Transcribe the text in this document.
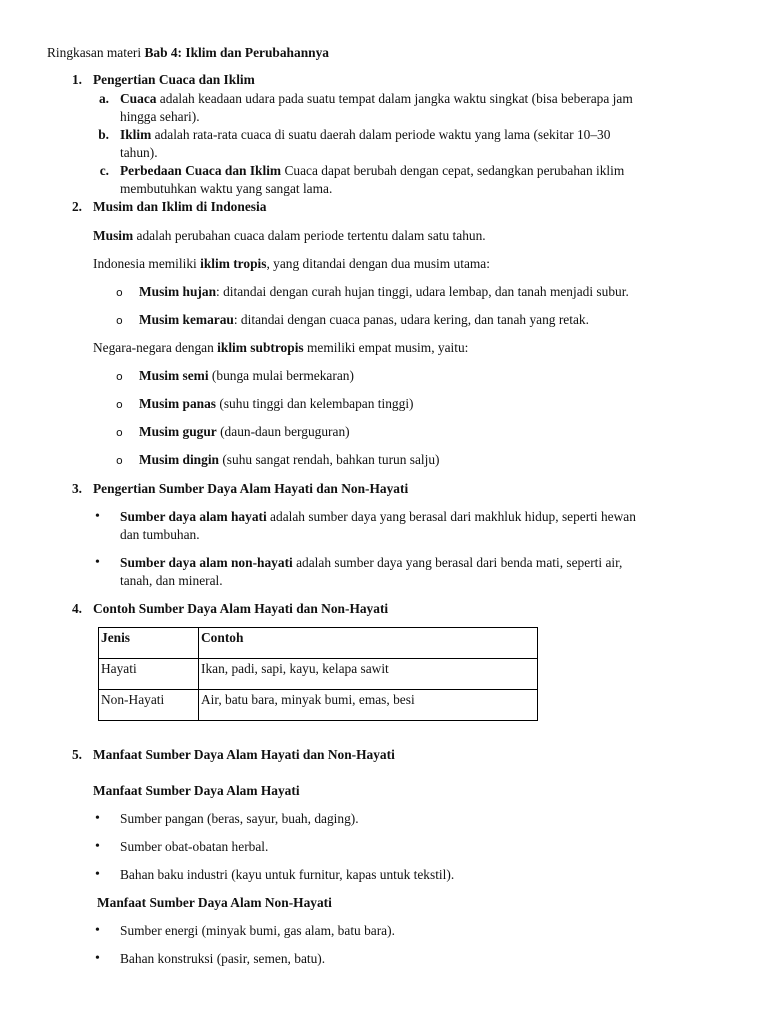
Ringkasan materi Bab 4: Iklim dan Perubahannya
1. Pengertian Cuaca dan Iklim
a. Cuaca adalah keadaan udara pada suatu tempat dalam jangka waktu singkat (bisa beberapa jam
hingga sehari).
b. Iklim adalah rata-rata cuaca di suatu daerah dalam periode waktu yang lama (sekitar 10–30
tahun).
c. Perbedaan Cuaca dan Iklim Cuaca dapat berubah dengan cepat, sedangkan perubahan iklim
membutuhkan waktu yang sangat lama.
2. Musim dan Iklim di Indonesia
Musim adalah perubahan cuaca dalam periode tertentu dalam satu tahun.
Indonesia memiliki iklim tropis, yang ditandai dengan dua musim utama:
o Musim hujan: ditandai dengan curah hujan tinggi, udara lembap, dan tanah menjadi subur.
o Musim kemarau: ditandai dengan cuaca panas, udara kering, dan tanah yang retak.
Negara-negara dengan iklim subtropis memiliki empat musim, yaitu:
o Musim semi (bunga mulai bermekaran)
o Musim panas (suhu tinggi dan kelembapan tinggi)
o Musim gugur (daun-daun berguguran)
o Musim dingin (suhu sangat rendah, bahkan turun salju)
3. Pengertian Sumber Daya Alam Hayati dan Non-Hayati
• Sumber daya alam hayati adalah sumber daya yang berasal dari makhluk hidup, seperti hewan
dan tumbuhan.
• Sumber daya alam non-hayati adalah sumber daya yang berasal dari benda mati, seperti air,
tanah, dan mineral.
4. Contoh Sumber Daya Alam Hayati dan Non-Hayati
Jenis	Contoh
Hayati	Ikan, padi, sapi, kayu, kelapa sawit
Non-Hayati	Air, batu bara, minyak bumi, emas, besi
5. Manfaat Sumber Daya Alam Hayati dan Non-Hayati
Manfaat Sumber Daya Alam Hayati
• Sumber pangan (beras, sayur, buah, daging).
• Sumber obat-obatan herbal.
• Bahan baku industri (kayu untuk furnitur, kapas untuk tekstil).
Manfaat Sumber Daya Alam Non-Hayati
• Sumber energi (minyak bumi, gas alam, batu bara).
• Bahan konstruksi (pasir, semen, batu).
